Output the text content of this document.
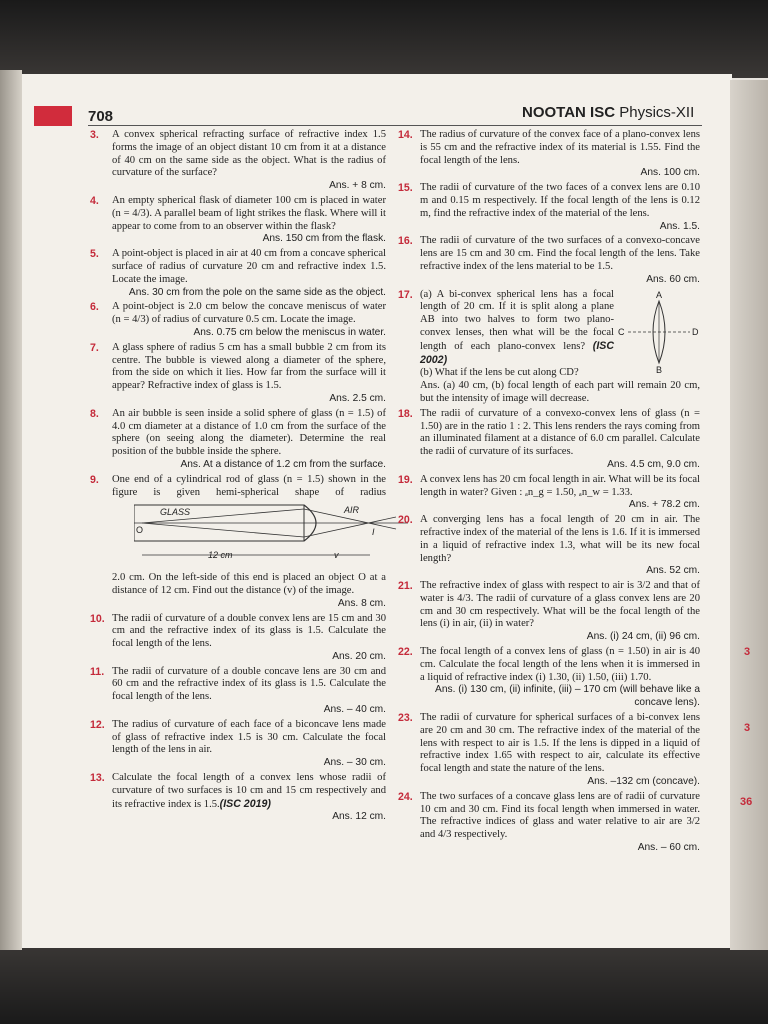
708	NOOTAN ISC Physics-XII
3. A convex spherical refracting surface of refractive index 1.5 forms the image of an object distant 10 cm from it at a distance of 40 cm on the same side as the object. What is the radius of curvature of the surface?
Ans. + 8 cm.
4. An empty spherical flask of diameter 100 cm is placed in water (n = 4/3). A parallel beam of light strikes the flask. Where will it appear to come from to an observer within the flask?
Ans. 150 cm from the flask.
5. A point-object is placed in air at 40 cm from a concave spherical surface of radius of curvature 20 cm and refractive index 1.5. Locate the image.
Ans. 30 cm from the pole on the same side as the object.
6. A point-object is 2.0 cm below the concave meniscus of water (n = 4/3) of radius of curvature 0.5 cm. Locate the image.
Ans. 0.75 cm below the meniscus in water.
7. A glass sphere of radius 5 cm has a small bubble 2 cm from its centre. The bubble is viewed along a diameter of the sphere, from the side on which it lies. How far from the surface will it appear? Refractive index of glass is 1.5.
Ans. 2.5 cm.
8. An air bubble is seen inside a solid sphere of glass (n = 1.5) of 4.0 cm diameter at a distance of 1.0 cm from the surface of the sphere (on seeing along the diameter). Determine the real position of the bubble inside the sphere.
Ans. At a distance of 1.2 cm from the surface.
9. One end of a cylindrical rod of glass (n = 1.5) shown in the figure is given hemi-spherical shape of radius
GLASS	AIR
O	I
12 cm	v
2.0 cm. On the left-side of this end is placed an object O at a distance of 12 cm. Find out the distance (v) of the image.
Ans. 8 cm.
10. The radii of curvature of a double convex lens are 15 cm and 30 cm and the refractive index of its glass is 1.5. Calculate the focal length of the lens.
Ans. 20 cm.
11. The radii of curvature of a double concave lens are 30 cm and 60 cm and the refractive index of its glass is 1.5. Calculate the focal length of the lens.
Ans. – 40 cm.
12. The radius of curvature of each face of a biconcave lens made of glass of refractive index 1.5 is 30 cm. Calculate the focal length of the lens in air.
Ans. – 30 cm.
13. Calculate the focal length of a convex lens whose radii of curvature of two surfaces is 10 cm and 15 cm respectively and its refractive index is 1.5.(ISC 2019)
Ans. 12 cm.
14. The radius of curvature of the convex face of a plano-convex lens is 55 cm and the refractive index of its material is 1.55. Find the focal length of the lens.
Ans. 100 cm.
15. The radii of curvature of the two faces of a convex lens are 0.10 m and 0.15 m respectively. If the focal length of the lens is 0.12 m, find the refractive index of the material of the lens.
Ans. 1.5.
16. The radii of curvature of the two surfaces of a convexo-concave lens are 15 cm and 30 cm. Find the focal length of the lens. Take refractive index of the lens material to be 1.5.
Ans. 60 cm.
17.	A
B
C	D
(a) A bi-convex spherical lens has a focal length of 20 cm. If it is split along a plane AB into two halves to form two plano-convex lenses, then what will be the focal length of each plano-convex lens? (ISC 2002)
(b) What if the lens be cut along CD?
Ans. (a) 40 cm, (b) focal length of each part will remain 20 cm, but the intensity of image will decrease.
18. The radii of curvature of a convexo-convex lens of glass (n = 1.50) are in the ratio 1 : 2. This lens renders the rays coming from an illuminated filament at a distance of 6.0 cm parallel. Calculate the radii of curvature of its surfaces.
Ans. 4.5 cm, 9.0 cm.
19. A convex lens has 20 cm focal length in air. What will be its focal length in water? Given : ₐn_g = 1.50, ₐn_w = 1.33.
Ans. + 78.2 cm.
20. A converging lens has a focal length of 20 cm in air. The refractive index of the material of the lens is 1.6. If it is immersed in a liquid of refractive index 1.3, what will be its new focal length?
Ans. 52 cm.
21. The refractive index of glass with respect to air is 3/2 and that of water is 4/3. The radii of curvature of a glass convex lens are 20 cm and 30 cm respectively. What will be the focal length of the lens (i) in air, (ii) in water?
Ans. (i) 24 cm, (ii) 96 cm.
22. The focal length of a convex lens of glass (n = 1.50) in air is 40 cm. Calculate the focal length of the lens when it is immersed in a liquid of refractive index (i) 1.30, (ii) 1.50, (iii) 1.70.
Ans. (i) 130 cm, (ii) infinite, (iii) – 170 cm (will behave like a concave lens).
23. The radii of curvature for spherical surfaces of a bi-convex lens are 20 cm and 30 cm. The refractive index of the material of the lens with respect to air is 1.5. If the lens is dipped in a liquid of refractive index 1.65 with respect to air, calculate its effective focal length and state the nature of the lens.
Ans. –132 cm (concave).
24. The two surfaces of a concave glass lens are of radii of curvature 10 cm and 30 cm. Find its focal length when immersed in water. The refractive indices of glass and water relative to air are 3/2 and 4/3 respectively.
Ans. – 60 cm.
3
3
36
